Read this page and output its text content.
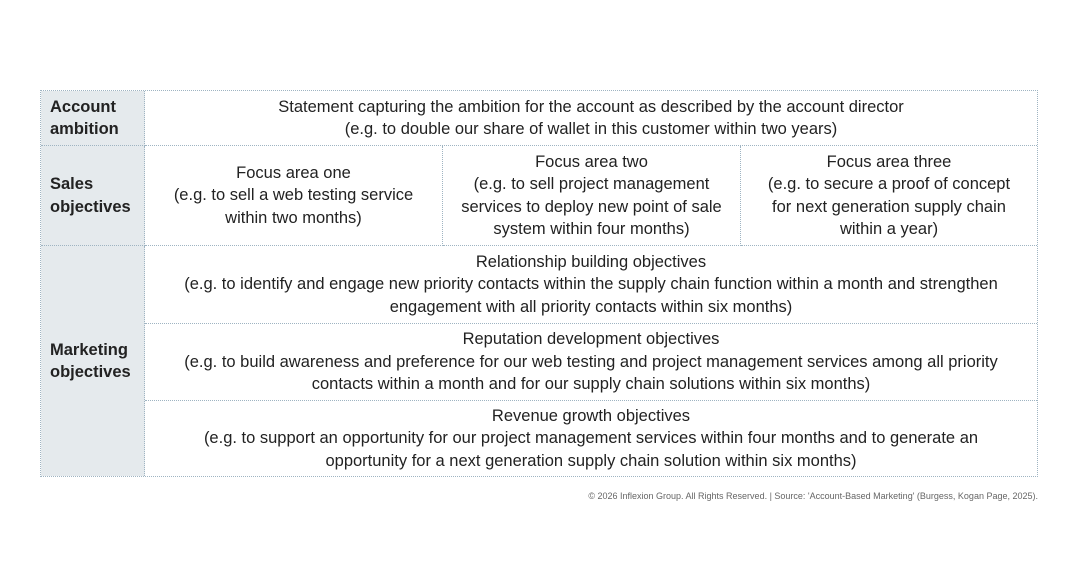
Account
ambition
Statement capturing the ambition for the account as described by the account director
(e.g. to double our share of wallet in this customer within two years)
Sales
objectives
Focus area one
(e.g. to sell a web testing service
within two months)
Focus area two
(e.g. to sell project management
services to deploy new point of sale
system within four months)
Focus area three
(e.g. to secure a proof of concept
for next generation supply chain
within a year)
Marketing
objectives
Relationship building objectives
(e.g. to identify and engage new priority contacts within the supply chain function within a month and strengthen
engagement with all priority contacts within six months)
Reputation development objectives
(e.g. to build awareness and preference for our web testing and project management services among all priority
contacts within a month and for our supply chain solutions within six months)
Revenue growth objectives
(e.g. to support an opportunity for our project management services within four months and to generate an
opportunity for a next generation supply chain solution within six months)
© 2026 Inflexion Group. All Rights Reserved. | Source: 'Account-Based Marketing' (Burgess, Kogan Page, 2025).
